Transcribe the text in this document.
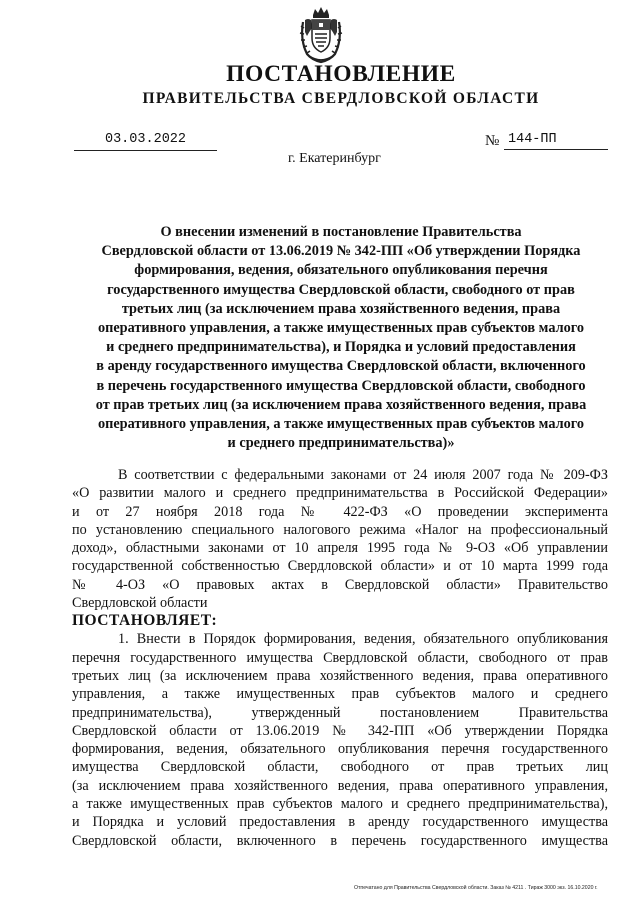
ПОСТАНОВЛЕНИЕ
ПРАВИТЕЛЬСТВА СВЕРДЛОВСКОЙ ОБЛАСТИ
03.03.2022	№ 144-ПП
г. Екатеринбург
О внесении изменений в постановление Правительства
Свердловской области от 13.06.2019 № 342-ПП «Об утверждении Порядка
формирования, ведения, обязательного опубликования перечня
государственного имущества Свердловской области, свободного от прав
третьих лиц (за исключением права хозяйственного ведения, права
оперативного управления, а также имущественных прав субъектов малого
и среднего предпринимательства), и Порядка и условий предоставления
в аренду государственного имущества Свердловской области, включенного
в перечень государственного имущества Свердловской области, свободного
от прав третьих лиц (за исключением права хозяйственного ведения, права
оперативного управления, а также имущественных прав субъектов малого
и среднего предпринимательства)»
В соответствии с федеральными законами от 24 июля 2007 года № 209-ФЗ
«О развитии малого и среднего предпринимательства в Российской Федерации»
и от 27 ноября 2018 года № 422-ФЗ «О проведении эксперимента
по установлению специального налогового режима «Налог на профессиональный
доход», областными законами от 10 апреля 1995 года № 9-ОЗ «Об управлении
государственной собственностью Свердловской области» и от 10 марта 1999 года
№ 4-ОЗ «О правовых актах в Свердловской области» Правительство
Свердловской области
ПОСТАНОВЛЯЕТ:
1. Внести в Порядок формирования, ведения, обязательного опубликования
перечня государственного имущества Свердловской области, свободного от прав
третьих лиц (за исключением права хозяйственного ведения, права оперативного
управления, а также имущественных прав субъектов малого и среднего
предпринимательства), утвержденный постановлением Правительства
Свердловской области от 13.06.2019 № 342-ПП «Об утверждении Порядка
формирования, ведения, обязательного опубликования перечня государственного
имущества Свердловской области, свободного от прав третьих лиц
(за исключением права хозяйственного ведения, права оперативного управления,
а также имущественных прав субъектов малого и среднего предпринимательства),
и Порядка и условий предоставления в аренду государственного имущества
Свердловской области, включенного в перечень государственного имущества
Отпечатано для Правительства Свердловской области. Заказ № 4211 . Тираж 3000 экз. 16.10.2020 г.
